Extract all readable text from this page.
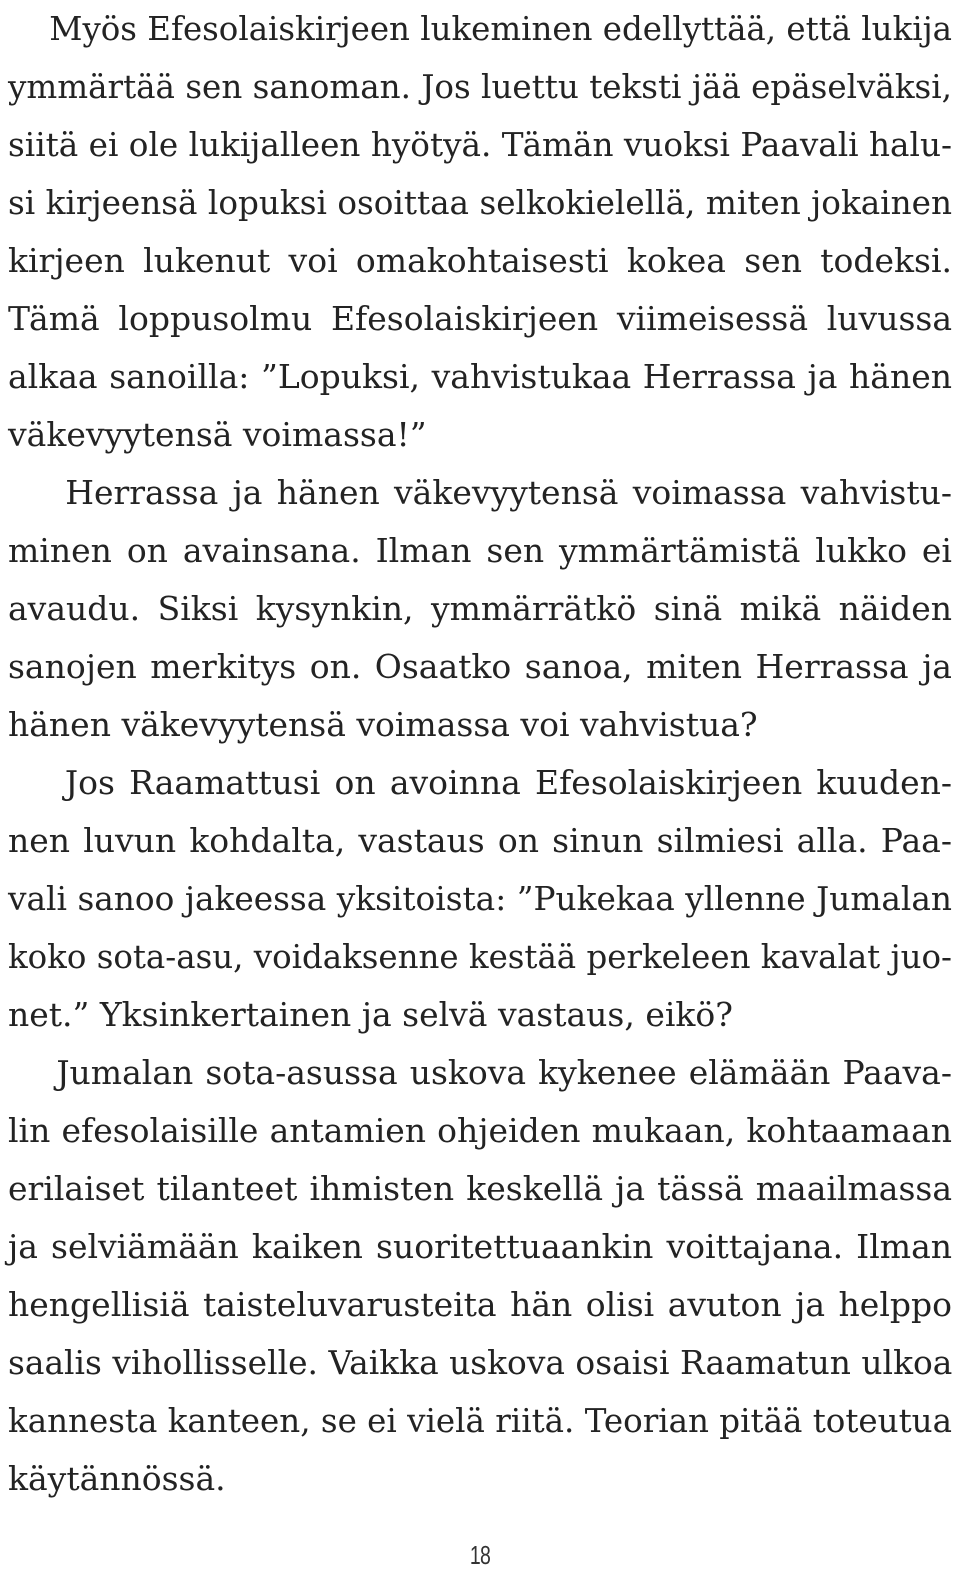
Myös Efesolaiskirjeen lukeminen edellyttää, että lukija
ymmärtää sen sanoman. Jos luettu teksti jää epäselväksi,
siitä ei ole lukijalleen hyötyä. Tämän vuoksi Paavali halu-
si kirjeensä lopuksi osoittaa selkokielellä, miten jokainen
kirjeen lukenut voi omakohtaisesti kokea sen todeksi.
Tämä loppusolmu Efesolaiskirjeen viimeisessä luvussa
alkaa sanoilla: ”Lopuksi, vahvistukaa Herrassa ja hänen
väkevyytensä voimassa!”
Herrassa ja hänen väkevyytensä voimassa vahvistu-
minen on avainsana. Ilman sen ymmärtämistä lukko ei
avaudu. Siksi kysynkin, ymmärrätkö sinä mikä näiden
sanojen merkitys on. Osaatko sanoa, miten Herrassa ja
hänen väkevyytensä voimassa voi vahvistua?
Jos Raamattusi on avoinna Efesolaiskirjeen kuuden-
nen luvun kohdalta, vastaus on sinun silmiesi alla. Paa-
vali sanoo jakeessa yksitoista: ”Pukekaa yllenne Jumalan
koko sota-asu, voidaksenne kestää perkeleen kavalat juo-
net.” Yksinkertainen ja selvä vastaus, eikö?
Jumalan sota-asussa uskova kykenee elämään Paava-
lin efesolaisille antamien ohjeiden mukaan, kohtaamaan
erilaiset tilanteet ihmisten keskellä ja tässä maailmassa
ja selviämään kaiken suoritettuaankin voittajana. Ilman
hengellisiä taisteluvarusteita hän olisi avuton ja helppo
saalis vihollisselle. Vaikka uskova osaisi Raamatun ulkoa
kannesta kanteen, se ei vielä riitä. Teorian pitää toteutua
käytännössä.
18
